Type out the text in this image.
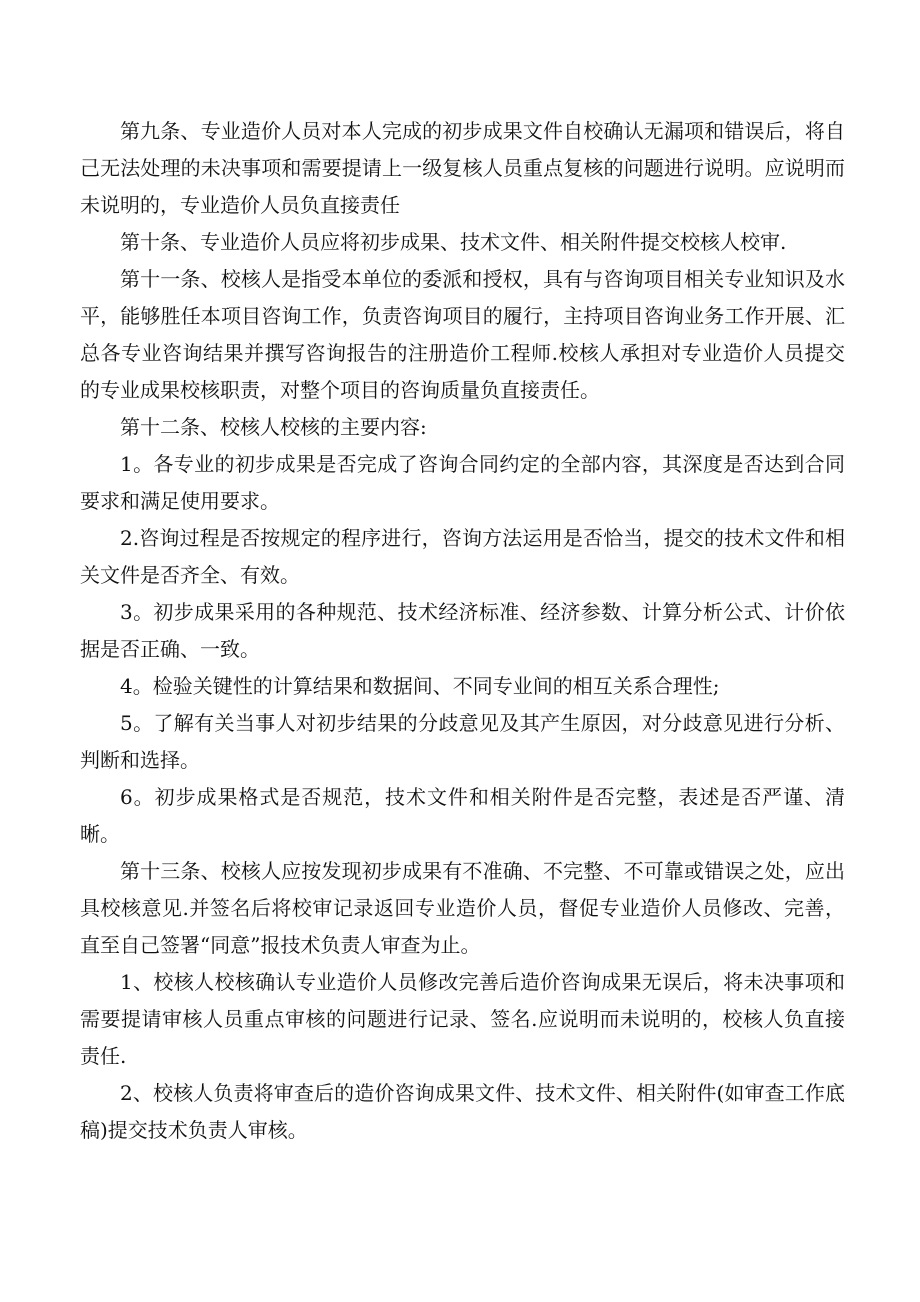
第九条、专业造价人员对本人完成的初步成果文件自校确认无漏项和错误后，将自己无法处理的未决事项和需要提请上一级复核人员重点复核的问题进行说明。应说明而未说明的，专业造价人员负直接责任

第十条、专业造价人员应将初步成果、技术文件、相关附件提交校核人校审.

第十一条、校核人是指受本单位的委派和授权，具有与咨询项目相关专业知识及水平，能够胜任本项目咨询工作，负责咨询项目的履行，主持项目咨询业务工作开展、汇总各专业咨询结果并撰写咨询报告的注册造价工程师.校核人承担对专业造价人员提交的专业成果校核职责，对整个项目的咨询质量负直接责任。

第十二条、校核人校核的主要内容:

1。各专业的初步成果是否完成了咨询合同约定的全部内容，其深度是否达到合同要求和满足使用要求。

2.咨询过程是否按规定的程序进行，咨询方法运用是否恰当，提交的技术文件和相关文件是否齐全、有效。

3。初步成果采用的各种规范、技术经济标准、经济参数、计算分析公式、计价依据是否正确、一致。

4。检验关键性的计算结果和数据间、不同专业间的相互关系合理性;

5。了解有关当事人对初步结果的分歧意见及其产生原因，对分歧意见进行分析、判断和选择。

6。初步成果格式是否规范，技术文件和相关附件是否完整，表述是否严谨、清晰。

第十三条、校核人应按发现初步成果有不准确、不完整、不可靠或错误之处，应出具校核意见.并签名后将校审记录返回专业造价人员，督促专业造价人员修改、完善，直至自己签署“同意”报技术负责人审查为止。

1、校核人校核确认专业造价人员修改完善后造价咨询成果无误后，将未决事项和需要提请审核人员重点审核的问题进行记录、签名.应说明而未说明的，校核人负直接责任.

2、校核人负责将审查后的造价咨询成果文件、技术文件、相关附件(如审查工作底稿)提交技术负责人审核。
